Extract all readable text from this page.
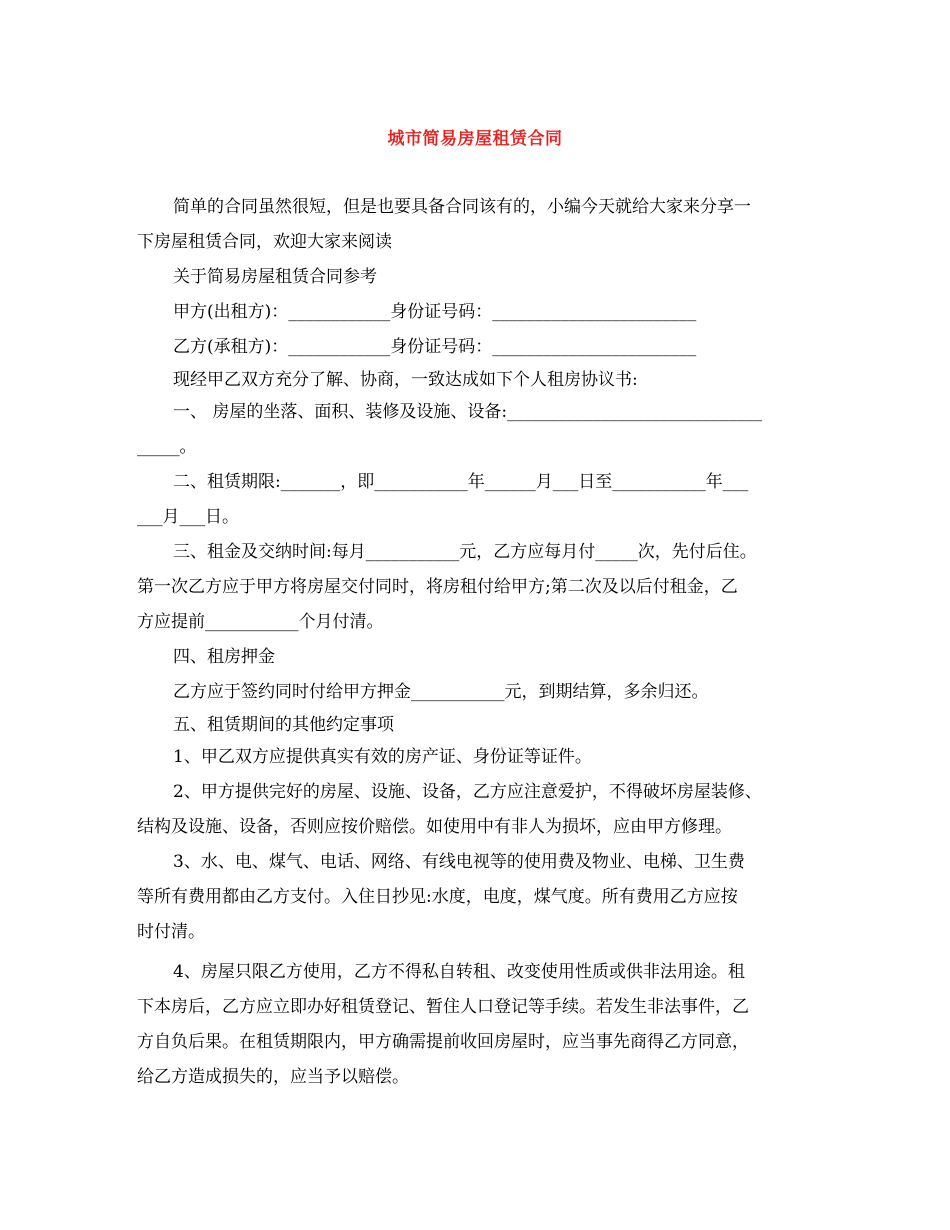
城市简易房屋租赁合同
简单的合同虽然很短，但是也要具备合同该有的，小编今天就给大家来分享一
下房屋租赁合同，欢迎大家来阅读
关于简易房屋租赁合同参考
甲方(出租方)：____________身份证号码：________________________
乙方(承租方)：____________身份证号码：________________________
现经甲乙双方充分了解、协商，一致达成如下个人租房协议书:
一、 房屋的坐落、面积、装修及设施、设备:______________________________
_____。
二、租赁期限:_______，即___________年______月___日至___________年___
___月___日。
三、租金及交纳时间:每月___________元，乙方应每月付_____次，先付后住。
第一次乙方应于甲方将房屋交付同时，将房租付给甲方;第二次及以后付租金，乙
方应提前___________个月付清。
四、租房押金
乙方应于签约同时付给甲方押金___________元，到期结算，多余归还。
五、租赁期间的其他约定事项
1、甲乙双方应提供真实有效的房产证、身份证等证件。
2、甲方提供完好的房屋、设施、设备，乙方应注意爱护，不得破坏房屋装修、
结构及设施、设备，否则应按价赔偿。如使用中有非人为损坏，应由甲方修理。
3、水、电、煤气、电话、网络、有线电视等的使用费及物业、电梯、卫生费
等所有费用都由乙方支付。入住日抄见:水度，电度，煤气度。所有费用乙方应按
时付清。
4、房屋只限乙方使用，乙方不得私自转租、改变使用性质或供非法用途。租
下本房后，乙方应立即办好租赁登记、暂住人口登记等手续。若发生非法事件，乙
方自负后果。在租赁期限内，甲方确需提前收回房屋时，应当事先商得乙方同意，
给乙方造成损失的，应当予以赔偿。
